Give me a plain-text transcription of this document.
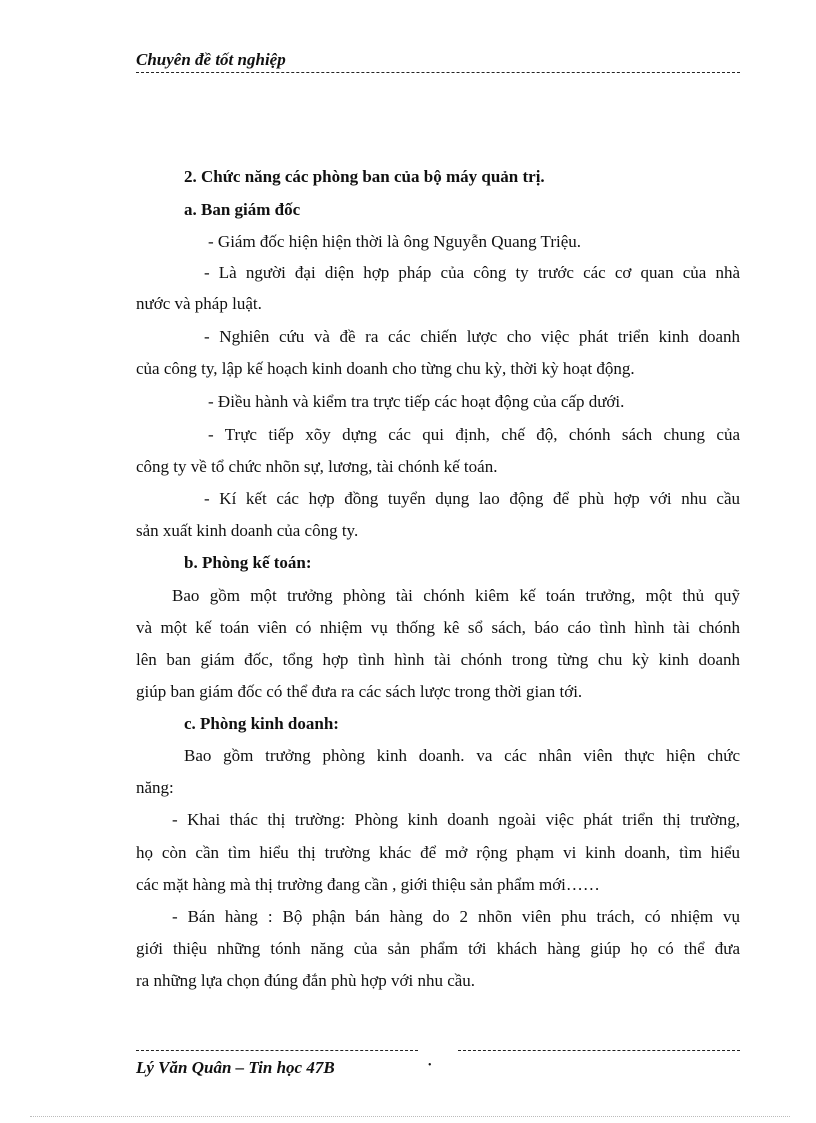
Chuyên đề tốt nghiệp
2. Chức năng các phòng ban của bộ máy quản trị.
a. Ban giám đốc
- Giám đốc hiện hiện thời là ông Nguyễn Quang Triệu.
- Là người đại diện hợp pháp của công ty trước các cơ quan của nhà
nước và pháp luật.
- Nghiên cứu và đề ra các chiến lược cho việc phát triển kinh doanh
của công ty, lập kế hoạch kinh doanh cho từng chu kỳ, thời kỳ hoạt động.
- Điều hành và kiểm tra trực tiếp các hoạt động của cấp dưới.
- Trực tiếp xõy dựng các qui định, chế độ, chónh sách chung của
công ty về tổ chức nhõn sự, lương, tài chónh kế toán.
- Kí kết các hợp đồng tuyển dụng lao động để phù hợp với nhu cầu
sản xuất kinh doanh của công ty.
b. Phòng kế toán:
Bao gồm một trưởng phòng tài chónh kiêm kế toán trưởng, một thủ quỹ
và một kế toán viên có nhiệm vụ thống kê sổ sách, báo cáo tình hình tài chónh
lên ban giám đốc, tổng hợp tình hình tài chónh trong từng chu kỳ kinh doanh
giúp ban giám đốc có thể đưa ra các sách lược trong thời gian tới.
c. Phòng kinh doanh:
Bao gồm trưởng phòng kinh doanh. va các nhân viên thực hiện chức
năng:
- Khai thác thị trường: Phòng kinh doanh ngoài việc phát triển thị trường,
họ còn cần tìm hiểu thị trường khác để mở rộng phạm vi kinh doanh, tìm hiểu
các mặt hàng mà thị trường đang cần , giới thiệu sản phẩm mới……
- Bán hàng : Bộ phận bán hàng do 2 nhõn viên phu trách, có nhiệm vụ
giới thiệu những tónh năng của sản phẩm tới khách hàng giúp họ có thể đưa
ra những lựa chọn đúng đắn phù hợp với nhu cầu.
Lý Văn Quân – Tin học 47B	•
